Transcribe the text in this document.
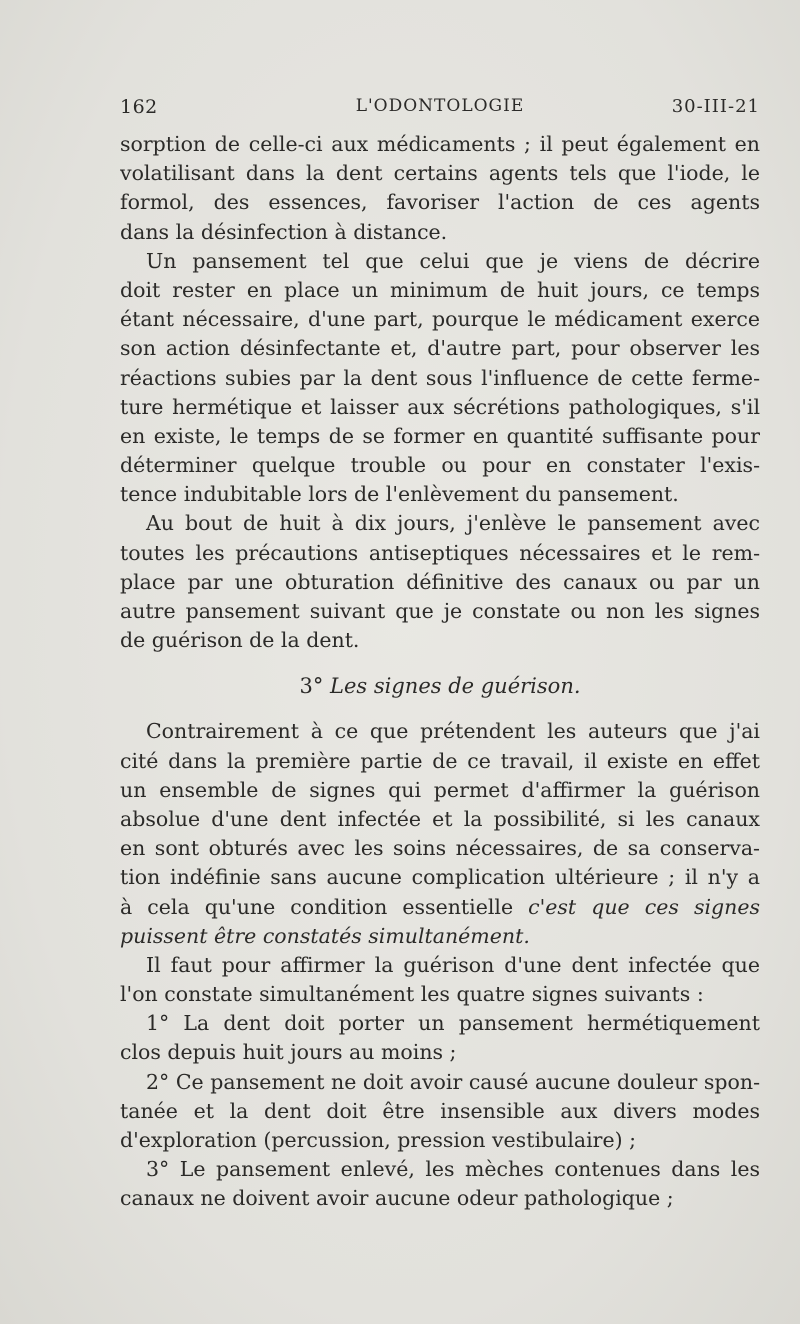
162	L'ODONTOLOGIE	30-III-21
sorption de celle-ci aux médicaments ; il peut également en
volatilisant dans la dent certains agents tels que l'iode, le
formol, des essences, favoriser l'action de ces agents
dans la désinfection à distance.
Un pansement tel que celui que je viens de décrire
doit rester en place un minimum de huit jours, ce temps
étant nécessaire, d'une part, pourque le médicament exerce
son action désinfectante et, d'autre part, pour observer les
réactions subies par la dent sous l'influence de cette ferme-
ture hermétique et laisser aux sécrétions pathologiques, s'il
en existe, le temps de se former en quantité suffisante pour
déterminer quelque trouble ou pour en constater l'exis-
tence indubitable lors de l'enlèvement du pansement.
Au bout de huit à dix jours, j'enlève le pansement avec
toutes les précautions antiseptiques nécessaires et le rem-
place par une obturation définitive des canaux ou par un
autre pansement suivant que je constate ou non les signes
de guérison de la dent.
3° Les signes de guérison.
Contrairement à ce que prétendent les auteurs que j'ai
cité dans la première partie de ce travail, il existe en effet
un ensemble de signes qui permet d'affirmer la guérison
absolue d'une dent infectée et la possibilité, si les canaux
en sont obturés avec les soins nécessaires, de sa conserva-
tion indéfinie sans aucune complication ultérieure ; il n'y a
à cela qu'une condition essentielle c'est que ces signes
puissent être constatés simultanément.
Il faut pour affirmer la guérison d'une dent infectée que
l'on constate simultanément les quatre signes suivants :
1° La dent doit porter un pansement hermétiquement
clos depuis huit jours au moins ;
2° Ce pansement ne doit avoir causé aucune douleur spon-
tanée et la dent doit être insensible aux divers modes
d'exploration (percussion, pression vestibulaire) ;
3° Le pansement enlevé, les mèches contenues dans les
canaux ne doivent avoir aucune odeur pathologique ;
